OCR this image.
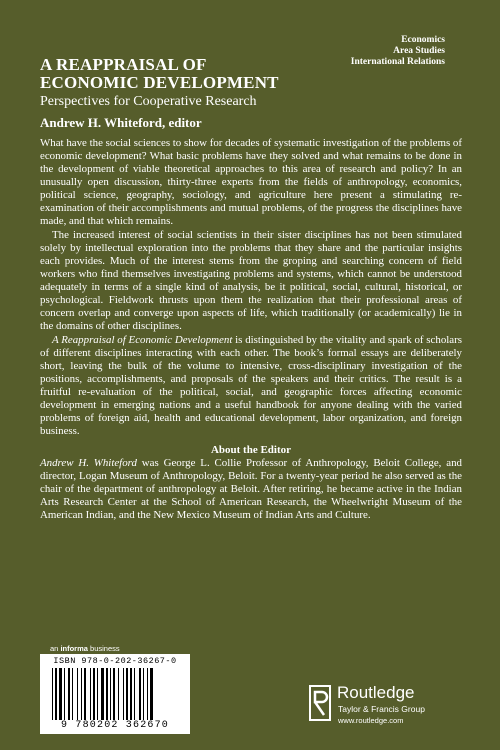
Economics
Area Studies
International Relations
A REAPPRAISAL OF
ECONOMIC DEVELOPMENT
Perspectives for Cooperative Research
Andrew H. Whiteford, editor

What have the social sciences to show for decades of systematic investigation of the problems of economic development? What basic problems have they solved and what remains to be done in the development of viable theoretical approaches to this area of research and policy? In an unusually open discussion, thirty-three experts from the fields of anthropology, economics, political science, geography, sociology, and agriculture here present a stimulating re-examination of their accomplishments and mutual problems, of the progress the disciplines have made, and that which remains.

The increased interest of social scientists in their sister disciplines has not been stimulated solely by intellectual exploration into the problems that they share and the particular insights each provides. Much of the interest stems from the groping and searching concern of field workers who find themselves investigating problems and systems, which cannot be understood adequately in terms of a single kind of analysis, be it political, social, cultural, historical, or psychological. Fieldwork thrusts upon them the realization that their professional areas of concern overlap and converge upon aspects of life, which traditionally (or academically) lie in the domains of other disciplines.

A Reappraisal of Economic Development is distinguished by the vitality and spark of scholars of different disciplines interacting with each other. The book’s formal essays are deliberately short, leaving the bulk of the volume to intensive, cross-disciplinary investigation of the positions, accomplishments, and proposals of the speakers and their critics. The result is a fruitful re-evaluation of the political, social, and geographic forces affecting economic development in emerging nations and a useful handbook for anyone dealing with the varied problems of foreign aid, health and educational development, labor organization, and foreign business.

About the Editor

Andrew H. Whiteford was George L. Collie Professor of Anthropology, Beloit College, and director, Logan Museum of Anthropology, Beloit. For a twenty-year period he also served as the chair of the department of anthropology at Beloit. After retiring, he became active in the Indian Arts Research Center at the School of American Research, the Wheelwright Museum of the American Indian, and the New Mexico Museum of Indian Arts and Culture.

an informa business
ISBN 978-0-202-36267-0
9 780202 362670
Routledge
Taylor & Francis Group
www.routledge.com
